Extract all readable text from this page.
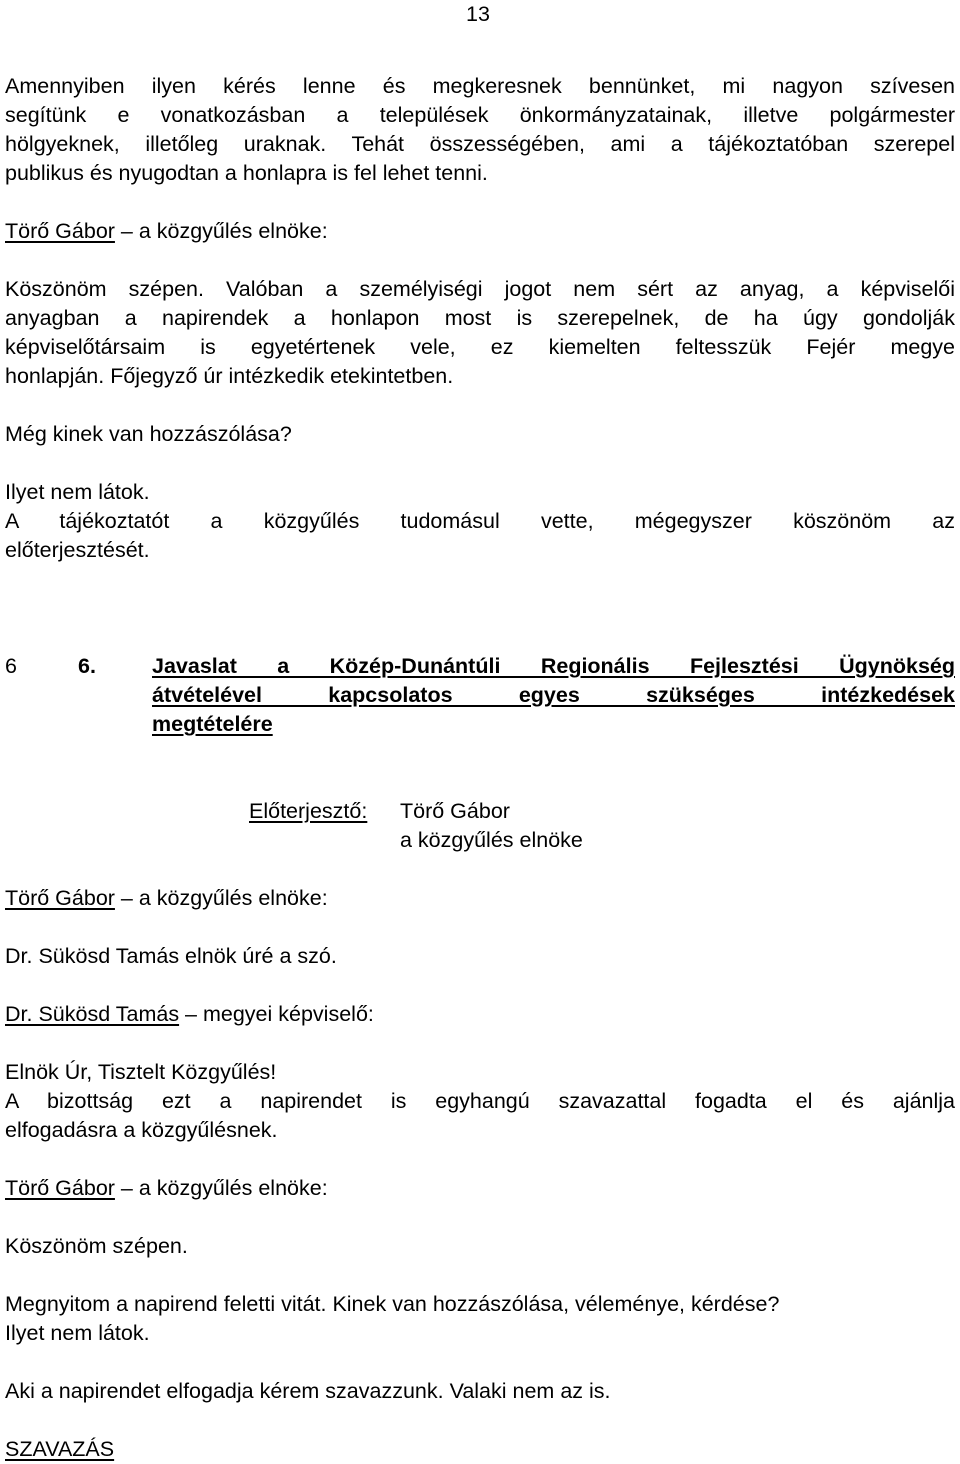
13
Amennyiben ilyen kérés lenne és megkeresnek bennünket, mi nagyon szívesen
segítünk e vonatkozásban a települések önkormányzatainak, illetve polgármester
hölgyeknek, illetőleg uraknak. Tehát összességében, ami a tájékoztatóban szerepel
publikus és nyugodtan a honlapra is fel lehet tenni.
Törő Gábor – a közgyűlés elnöke:
Köszönöm szépen. Valóban a személyiségi jogot nem sért az anyag, a képviselői
anyagban a napirendek a honlapon most is szerepelnek, de ha úgy gondolják
képviselőtársaim is egyetértenek vele, ez kiemelten feltesszük Fejér megye
honlapján. Főjegyző úr intézkedik etekintetben.
Még kinek van hozzászólása?
Ilyet nem látok.
A tájékoztatót a közgyűlés tudomásul vette, mégegyszer köszönöm az
előterjesztését.
6	6.	Javaslat a Közép-Dunántúli Regionális Fejlesztési Ügynökség
átvételével kapcsolatos egyes szükséges intézkedések
megtételére
Előterjesztő: Törő Gábor
a közgyűlés elnöke
Törő Gábor – a közgyűlés elnöke:
Dr. Sükösd Tamás elnök úré a szó.
Dr. Sükösd Tamás – megyei képviselő:
Elnök Úr, Tisztelt Közgyűlés!
A bizottság ezt a napirendet is egyhangú szavazattal fogadta el és ajánlja
elfogadásra a közgyűlésnek.
Törő Gábor – a közgyűlés elnöke:
Köszönöm szépen.
Megnyitom a napirend feletti vitát. Kinek van hozzászólása, véleménye, kérdése?
Ilyet nem látok.
Aki a napirendet elfogadja kérem szavazzunk. Valaki nem az is.
SZAVAZÁS
